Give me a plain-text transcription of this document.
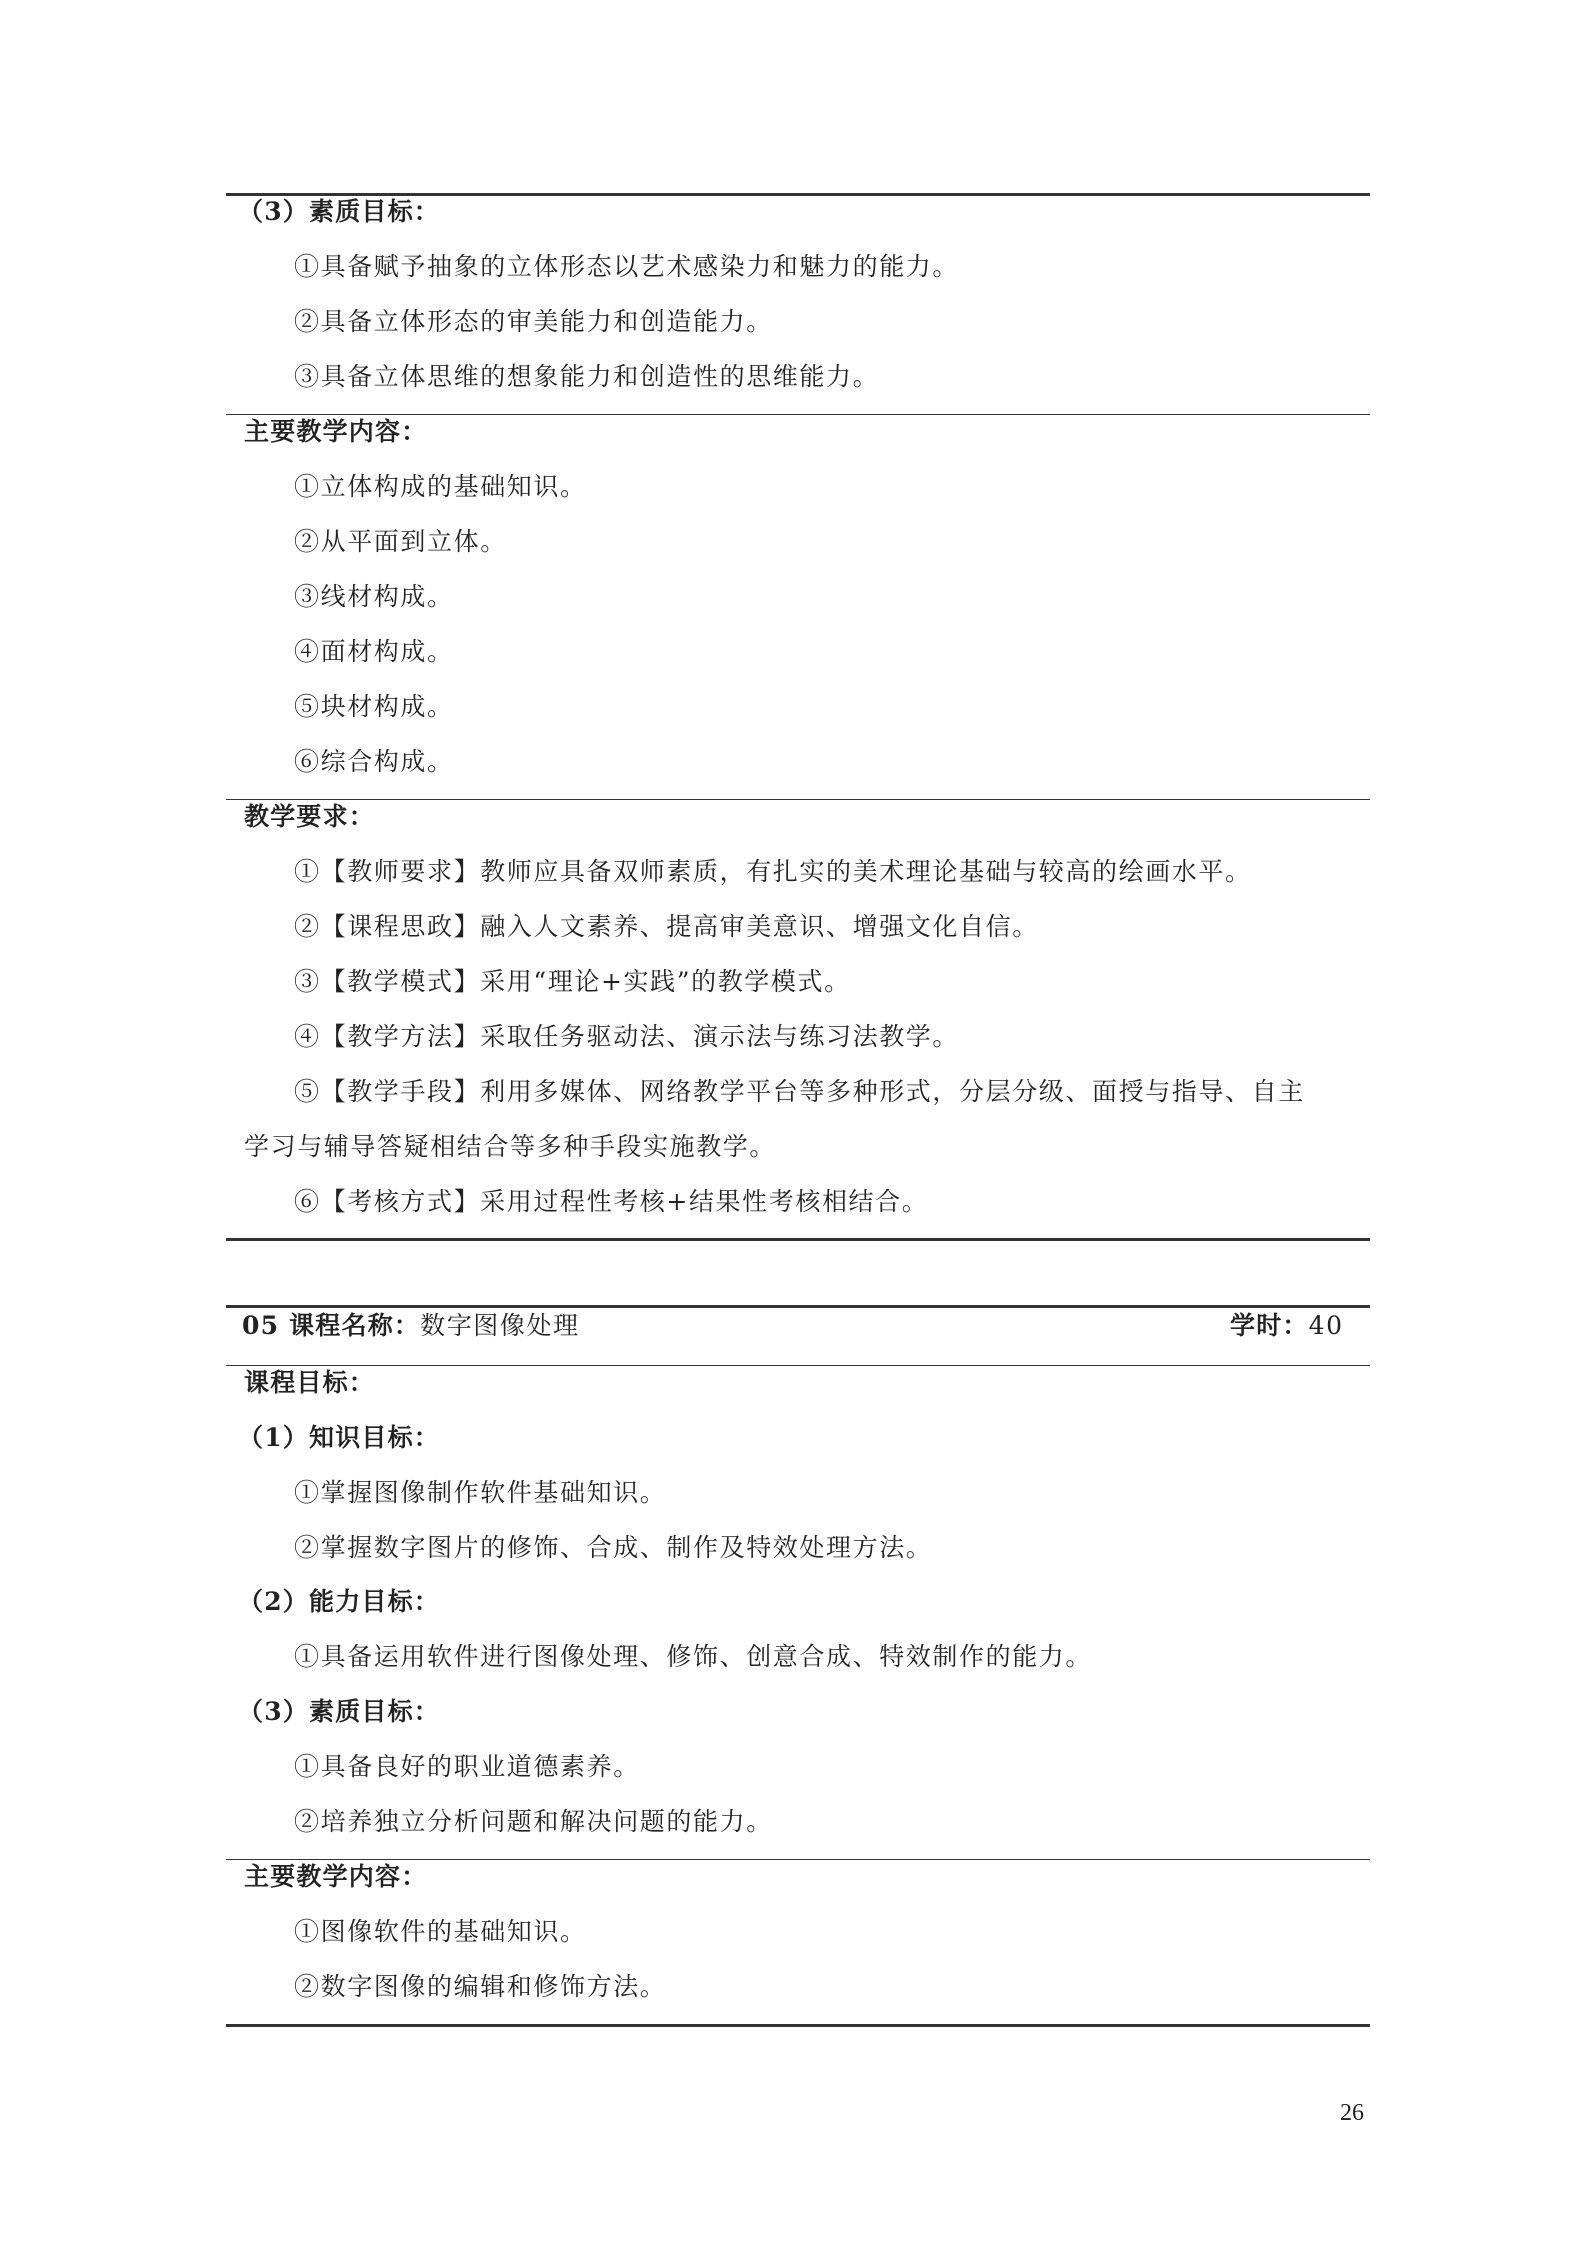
（3）素质目标：
①具备赋予抽象的立体形态以艺术感染力和魅力的能力。
②具备立体形态的审美能力和创造能力。
③具备立体思维的想象能力和创造性的思维能力。
主要教学内容：
①立体构成的基础知识。
②从平面到立体。
③线材构成。
④面材构成。
⑤块材构成。
⑥综合构成。
教学要求：
①【教师要求】教师应具备双师素质，有扎实的美术理论基础与较高的绘画水平。
②【课程思政】融入人文素养、提高审美意识、增强文化自信。
③【教学模式】采用“理论+实践”的教学模式。
④【教学方法】采取任务驱动法、演示法与练习法教学。
⑤【教学手段】利用多媒体、网络教学平台等多种形式，分层分级、面授与指导、自主
学习与辅导答疑相结合等多种手段实施教学。
⑥【考核方式】采用过程性考核+结果性考核相结合。
05 课程名称：数字图像处理	学时：40
课程目标：
（1）知识目标：
①掌握图像制作软件基础知识。
②掌握数字图片的修饰、合成、制作及特效处理方法。
（2）能力目标：
①具备运用软件进行图像处理、修饰、创意合成、特效制作的能力。
（3）素质目标：
①具备良好的职业道德素养。
②培养独立分析问题和解决问题的能力。
主要教学内容：
①图像软件的基础知识。
②数字图像的编辑和修饰方法。
26
